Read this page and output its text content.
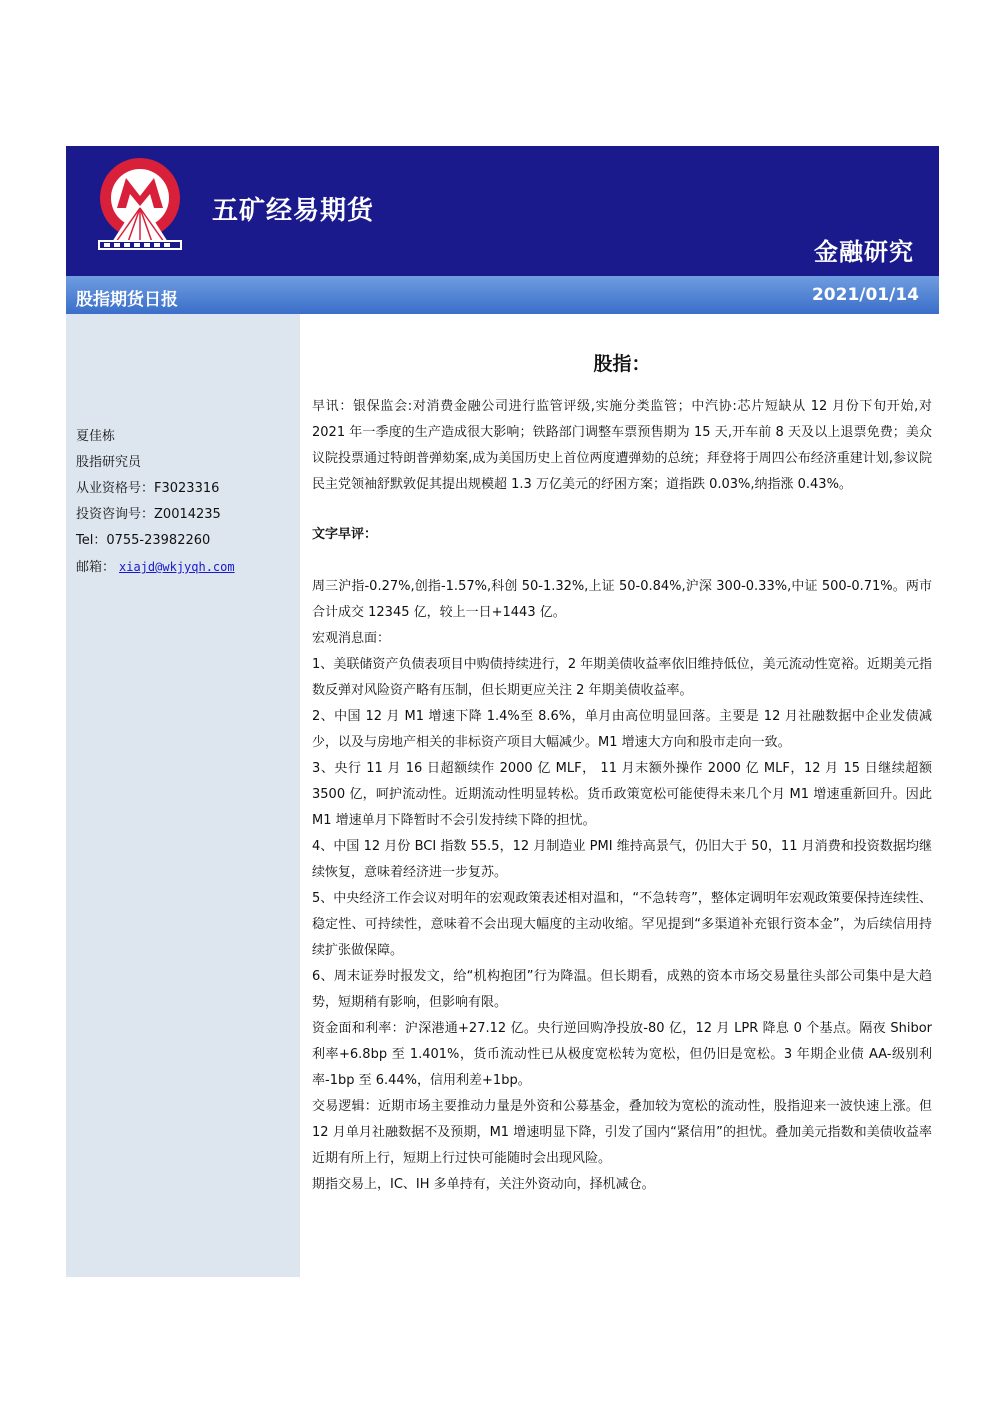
五矿经易期货
金融研究
股指期货日报	2021/01/14
夏佳栋
股指研究员
从业资格号：F3023316
投资咨询号：Z0014235
Tel：0755-23982260
邮箱： xiajd@wkjyqh.com
股指：

早讯：银保监会:对消费金融公司进行监管评级,实施分类监管；中汽协:芯片短缺从 12 月份下旬开始,对 2021 年一季度的生产造成很大影响；铁路部门调整车票预售期为 15 天,开车前 8 天及以上退票免费；美众议院投票通过特朗普弹劾案,成为美国历史上首位两度遭弹劾的总统；拜登将于周四公布经济重建计划,参议院民主党领袖舒默敦促其提出规模超 1.3 万亿美元的纾困方案；道指跌 0.03%,纳指涨 0.43%。

文字早评：

周三沪指-0.27%,创指-1.57%,科创 50-1.32%,上证 50-0.84%,沪深 300-0.33%,中证 500-0.71%。两市合计成交 12345 亿，较上一日+1443 亿。

宏观消息面：

1、美联储资产负债表项目中购债持续进行，2 年期美债收益率依旧维持低位，美元流动性宽裕。近期美元指数反弹对风险资产略有压制，但长期更应关注 2 年期美债收益率。

2、中国 12 月 M1 增速下降 1.4%至 8.6%，单月由高位明显回落。主要是 12 月社融数据中企业发债减少，以及与房地产相关的非标资产项目大幅减少。M1 增速大方向和股市走向一致。

3、央行 11 月 16 日超额续作 2000 亿 MLF， 11 月末额外操作 2000 亿 MLF，12 月 15 日继续超额 3500 亿，呵护流动性。近期流动性明显转松。货币政策宽松可能使得未来几个月 M1 增速重新回升。因此 M1 增速单月下降暂时不会引发持续下降的担忧。

4、中国 12 月份 BCI 指数 55.5，12 月制造业 PMI 维持高景气，仍旧大于 50，11 月消费和投资数据均继续恢复，意味着经济进一步复苏。

5、中央经济工作会议对明年的宏观政策表述相对温和，“不急转弯”，整体定调明年宏观政策要保持连续性、稳定性、可持续性，意味着不会出现大幅度的主动收缩。罕见提到“多渠道补充银行资本金”，为后续信用持续扩张做保障。

6、周末证券时报发文，给“机构抱团”行为降温。但长期看，成熟的资本市场交易量往头部公司集中是大趋势，短期稍有影响，但影响有限。

资金面和利率：沪深港通+27.12 亿。央行逆回购净投放-80 亿，12 月 LPR 降息 0 个基点。隔夜 Shibor 利率+6.8bp 至 1.401%，货币流动性已从极度宽松转为宽松，但仍旧是宽松。3 年期企业债 AA-级别利率-1bp 至 6.44%，信用利差+1bp。

交易逻辑：近期市场主要推动力量是外资和公募基金，叠加较为宽松的流动性，股指迎来一波快速上涨。但 12 月单月社融数据不及预期，M1 增速明显下降，引发了国内“紧信用”的担忧。叠加美元指数和美债收益率近期有所上行，短期上行过快可能随时会出现风险。

期指交易上，IC、IH 多单持有，关注外资动向，择机减仓。
